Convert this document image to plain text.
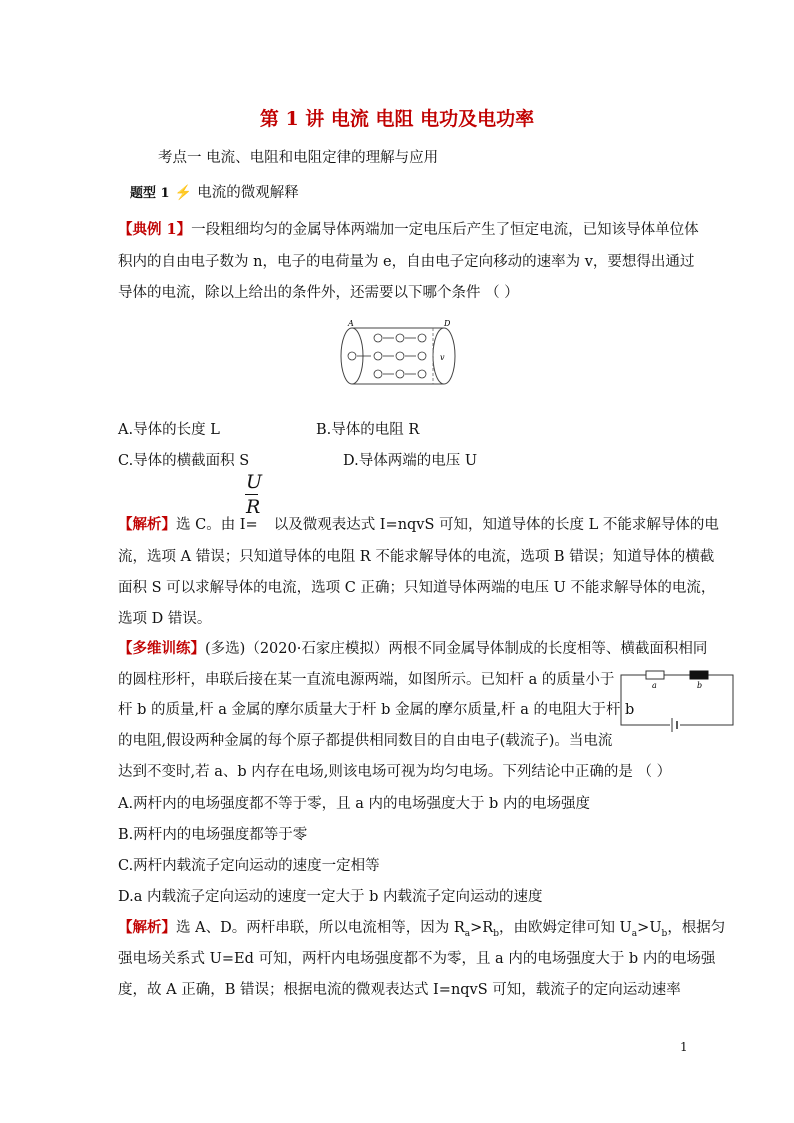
第 1 讲 电流 电阻 电功及电功率
考点一 电流、电阻和电阻定律的理解与应用
题型 1 ⚡ 电流的微观解释
【典例 1】一段粗细均匀的金属导体两端加一定电压后产生了恒定电流，已知该导体单位体
积内的自由电子数为 n，电子的电荷量为 e，自由电子定向移动的速率为 v，要想得出通过
导体的电流，除以上给出的条件外，还需要以下哪个条件 （ ）
A	D
v
A.导体的长度 L	B.导体的电阻 R
C.导体的横截面积 S	D.导体两端的电压 U
U
R
【解析】选 C。由 I= 以及微观表达式 I=nqvS 可知，知道导体的长度 L 不能求解导体的电
流，选项 A 错误；只知道导体的电阻 R 不能求解导体的电流，选项 B 错误；知道导体的横截
面积 S 可以求解导体的电流，选项 C 正确；只知道导体两端的电压 U 不能求解导体的电流，
选项 D 错误。
【多维训练】(多选)（2020·石家庄模拟）两根不同金属导体制成的长度相等、横截面积相同
的圆柱形杆，串联后接在某一直流电源两端，如图所示。已知杆 a 的质量小于
杆 b 的质量,杆 a 金属的摩尔质量大于杆 b 金属的摩尔质量,杆 a 的电阻大于杆 b
的电阻,假设两种金属的每个原子都提供相同数目的自由电子(载流子)。当电流
达到不变时,若 a、b 内存在电场,则该电场可视为均匀电场。下列结论中正确的是 （ ）
a	b
A.两杆内的电场强度都不等于零，且 a 内的电场强度大于 b 内的电场强度
B.两杆内的电场强度都等于零
C.两杆内载流子定向运动的速度一定相等
D.a 内载流子定向运动的速度一定大于 b 内载流子定向运动的速度
【解析】选 A、D。两杆串联，所以电流相等，因为 $R_a>R_b$，由欧姆定律可知 $U_a>U_b$，根据匀
强电场关系式 U=Ed 可知，两杆内电场强度都不为零，且 a 内的电场强度大于 b 内的电场强
度，故 A 正确，B 错误；根据电流的微观表达式 I=nqvS 可知，载流子的定向运动速率
1
